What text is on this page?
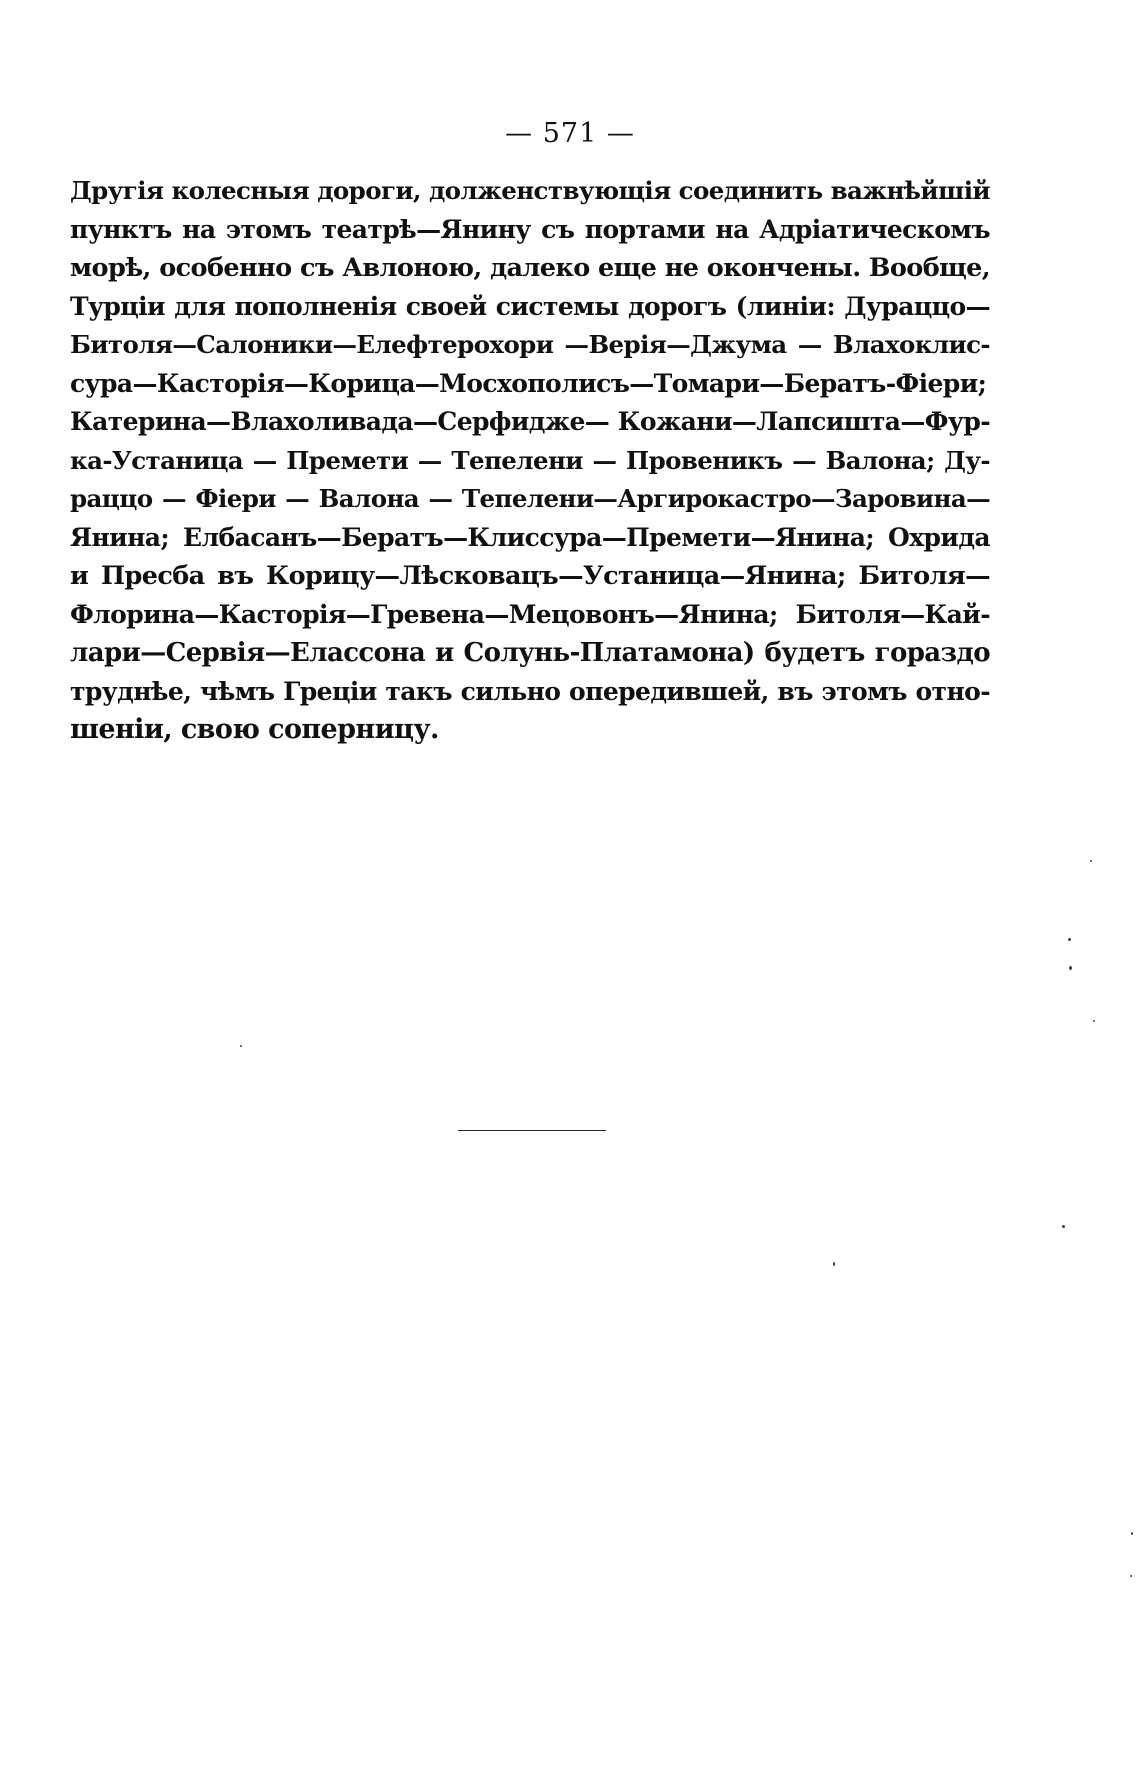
— 571 —
Другія колесныя дороги, долженствующія соединить важнѣйшій
пунктъ на этомъ театрѣ—Янину съ портами на Адріатическомъ
морѣ, особенно съ Авлоною, далеко еще не окончены. Вообще,
Турціи для пополненія своей системы дорогъ (линіи: Дураццо—
Битоля—Салоники—Елефтерохори —Верія—Джума — Влахоклис-
сура—Касторія—Корица—Мосхополисъ—Томари—Бератъ-Фіери;
Катерина—Влахоливада—Серфидже— Кожани—Лапсишта—Фур-
ка-Устаница — Премети — Тепелени — Провеникъ — Валона; Ду-
раццо — Фіери — Валона — Тепелени—Аргирокастро—Заровина—
Янина; Елбасанъ—Бератъ—Клиссура—Премети—Янина; Охрида
и Пресба въ Корицу—Лѣсковацъ—Устаница—Янина; Битоля—
Флорина—Касторія—Гревена—Мецовонъ—Янина; Битоля—Кай-
лари—Сервія—Елассона и Солунь-Платамона) будетъ гораздо
труднѣе, чѣмъ Греціи такъ сильно опередившей, въ этомъ отно-
шеніи, свою соперницу.
